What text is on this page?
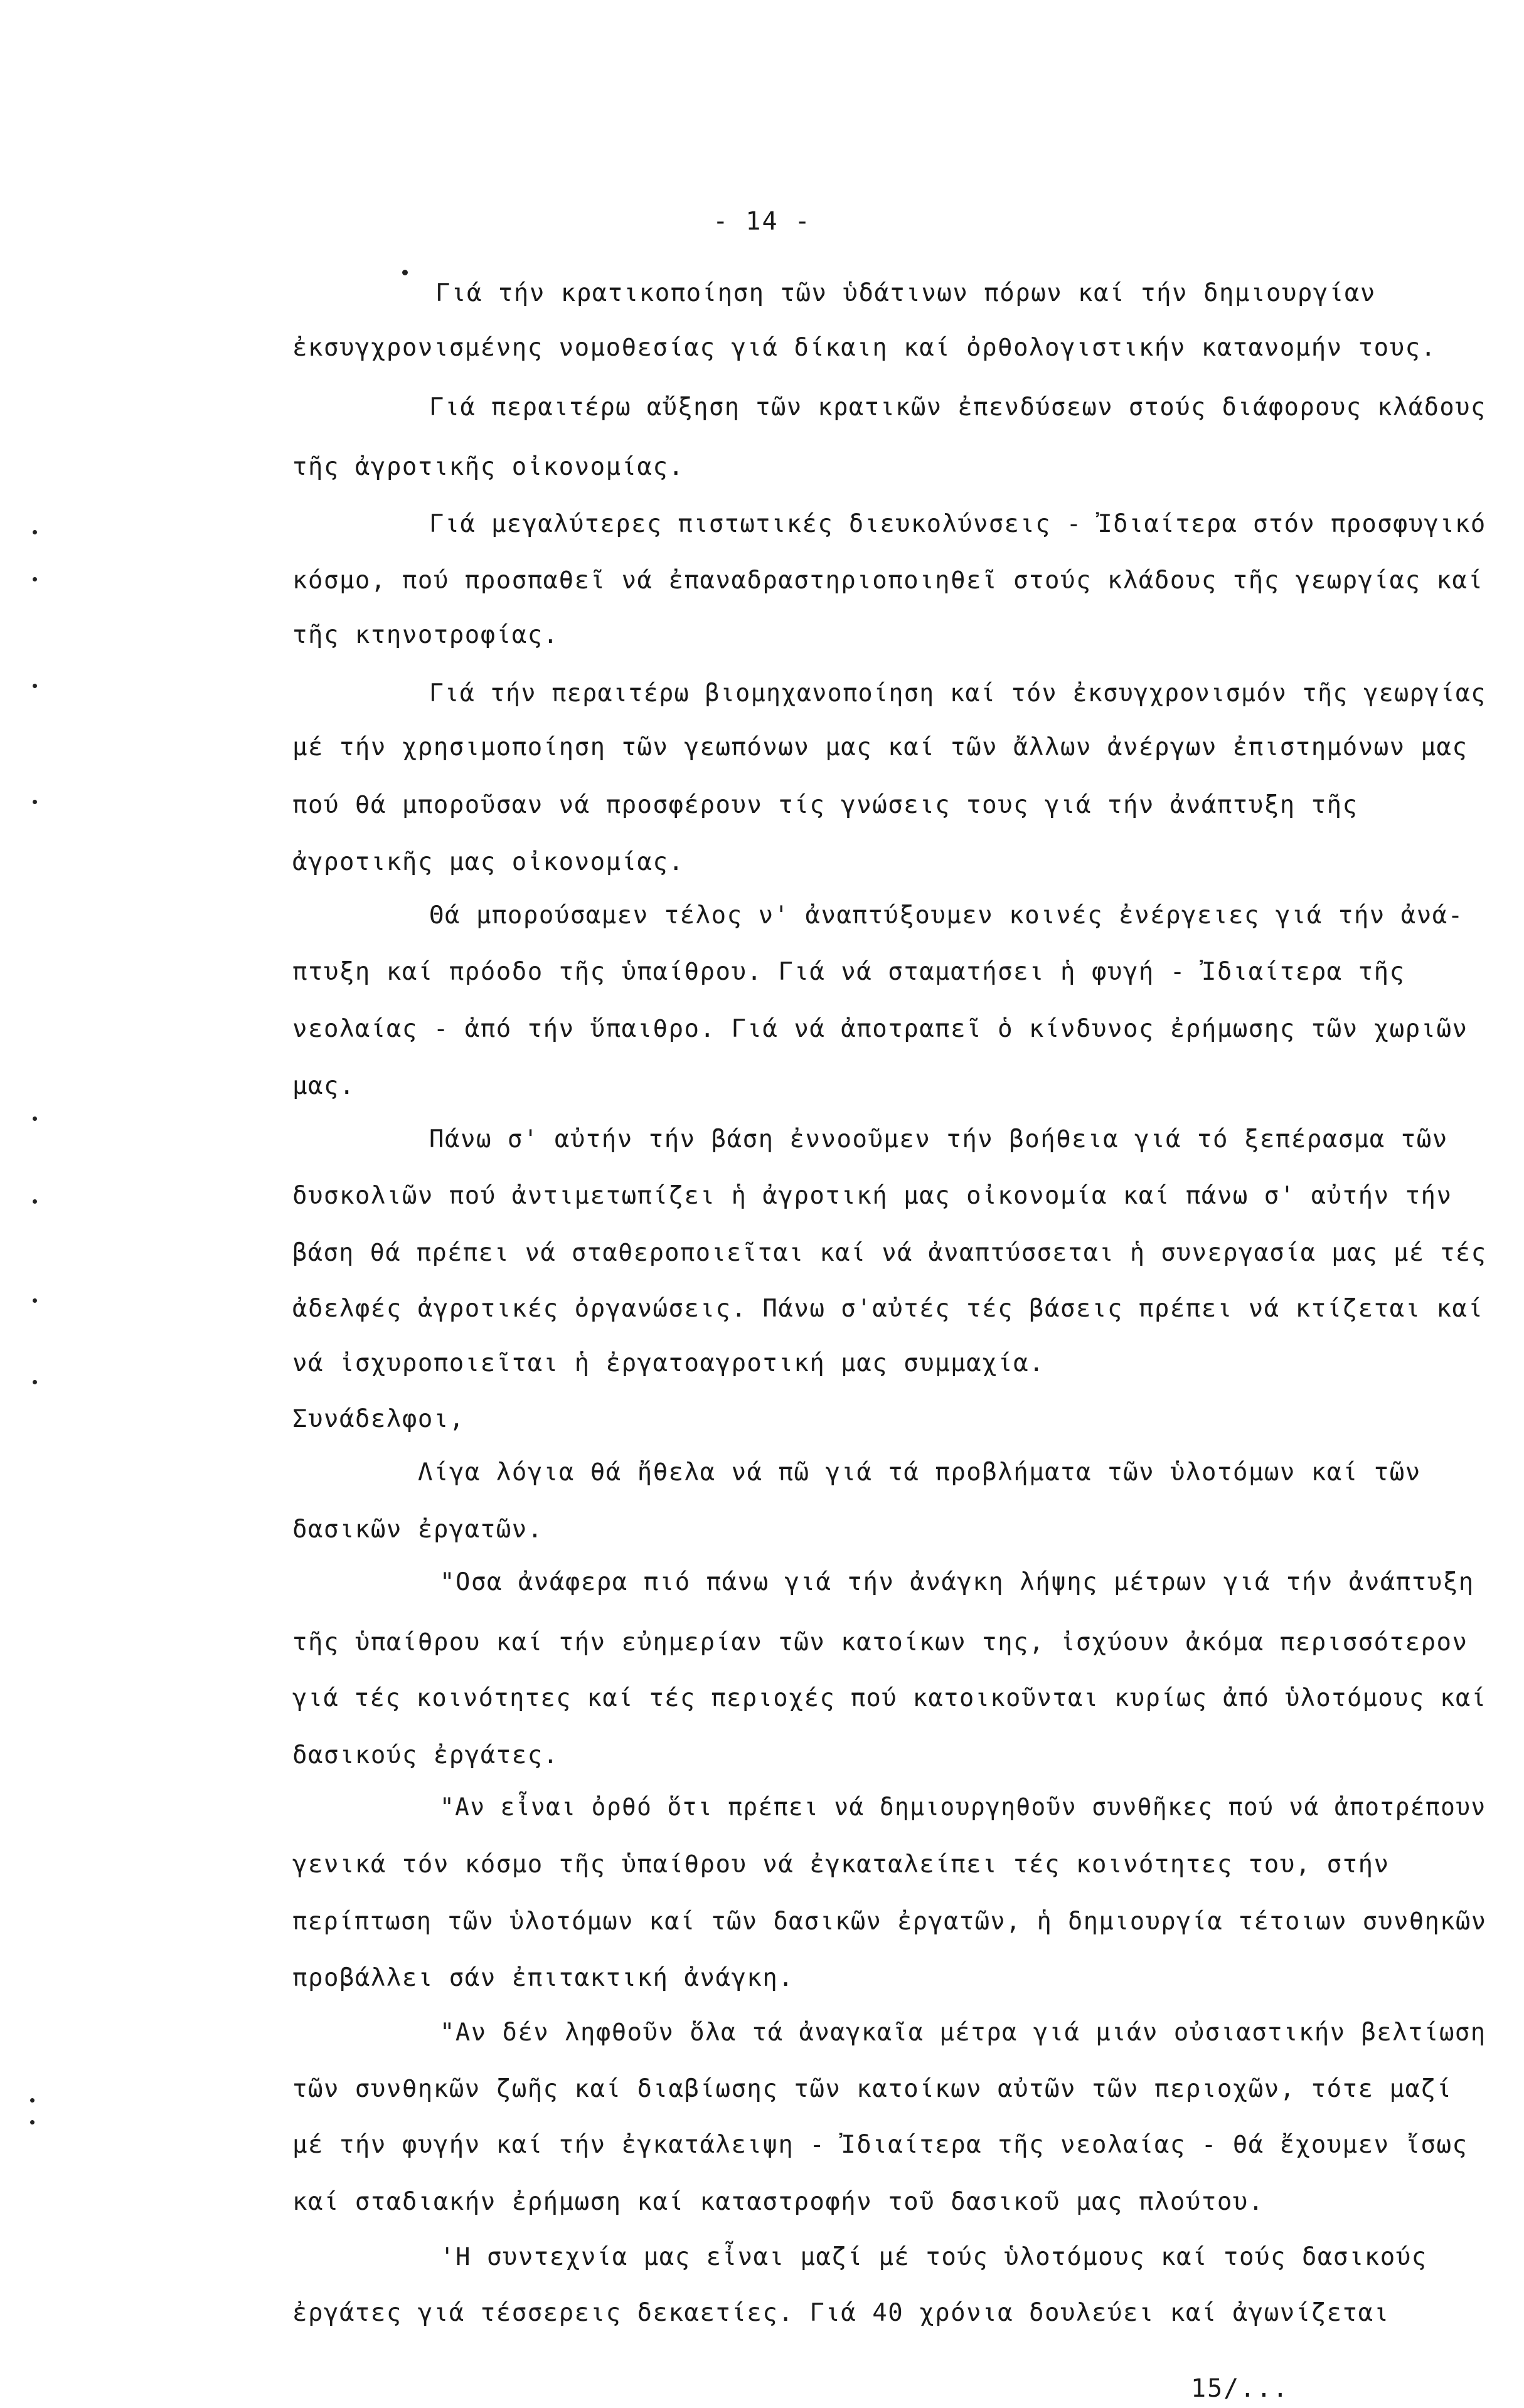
- 14 -
Γιά τήν κρατικοποίηση τῶν ὑδάτινων πόρων καί τήν δημιουργίαν
ἐκσυγχρονισμένης νομοθεσίας γιά δίκαιη καί ὀρθολογιστικήν κατανομήν τους.
Γιά περαιτέρω αὔξηση τῶν κρατικῶν ἐπενδύσεων στούς διάφορους κλάδους
τῆς ἀγροτικῆς οἰκονομίας.
Γιά μεγαλύτερες πιστωτικές διευκολύνσεις - Ἰδιαίτερα στόν προσφυγικό
κόσμο, πού προσπαθεῖ νά ἐπαναδραστηριοποιηθεῖ στούς κλάδους τῆς γεωργίας καί
τῆς κτηνοτροφίας.
Γιά τήν περαιτέρω βιομηχανοποίηση καί τόν ἐκσυγχρονισμόν τῆς γεωργίας
μέ τήν χρησιμοποίηση τῶν γεωπόνων μας καί τῶν ἄλλων ἀνέργων ἐπιστημόνων μας
πού θά μποροῦσαν νά προσφέρουν τίς γνώσεις τους γιά τήν ἀνάπτυξη τῆς
ἀγροτικῆς μας οἰκονομίας.
Θά μπορούσαμεν τέλος ν' ἀναπτύξουμεν κοινές ἐνέργειες γιά τήν ἀνά-
πτυξη καί πρόοδο τῆς ὑπαίθρου. Γιά νά σταματήσει ἡ φυγή - Ἰδιαίτερα τῆς
νεολαίας - ἀπό τήν ὕπαιθρο. Γιά νά ἀποτραπεῖ ὁ κίνδυνος ἐρήμωσης τῶν χωριῶν
μας.
Πάνω σ' αὐτήν τήν βάση ἐννοοῦμεν τήν βοήθεια γιά τό ξεπέρασμα τῶν
δυσκολιῶν πού ἀντιμετωπίζει ἡ ἀγροτική μας οἰκονομία καί πάνω σ' αὐτήν τήν
βάση θά πρέπει νά σταθεροποιεῖται καί νά ἀναπτύσσεται ἡ συνεργασία μας μέ τές
ἀδελφές ἀγροτικές ὀργανώσεις. Πάνω σ'αὐτές τές βάσεις πρέπει νά κτίζεται καί
νά ἰσχυροποιεῖται ἡ ἐργατοαγροτική μας συμμαχία.
Συνάδελφοι,
Λίγα λόγια θά ἤθελα νά πῶ γιά τά προβλήματα τῶν ὑλοτόμων καί τῶν
δασικῶν ἐργατῶν.
"Οσα ἀνάφερα πιό πάνω γιά τήν ἀνάγκη λήψης μέτρων γιά τήν ἀνάπτυξη
τῆς ὑπαίθρου καί τήν εὐημερίαν τῶν κατοίκων της, ἰσχύουν ἀκόμα περισσότερον
γιά τές κοινότητες καί τές περιοχές πού κατοικοῦνται κυρίως ἀπό ὑλοτόμους καί
δασικούς ἐργάτες.
"Αν εἶναι ὀρθό ὅτι πρέπει νά δημιουργηθοῦν συνθῆκες πού νά ἀποτρέπουν
γενικά τόν κόσμο τῆς ὑπαίθρου νά ἐγκαταλείπει τές κοινότητες του, στήν
περίπτωση τῶν ὑλοτόμων καί τῶν δασικῶν ἐργατῶν, ἡ δημιουργία τέτοιων συνθηκῶν
προβάλλει σάν ἐπιτακτική ἀνάγκη.
"Αν δέν ληφθοῦν ὅλα τά ἀναγκαῖα μέτρα γιά μιάν οὐσιαστικήν βελτίωση
τῶν συνθηκῶν ζωῆς καί διαβίωσης τῶν κατοίκων αὐτῶν τῶν περιοχῶν, τότε μαζί
μέ τήν φυγήν καί τήν ἐγκατάλειψη - Ἰδιαίτερα τῆς νεολαίας - θά ἔχουμεν ἴσως
καί σταδιακήν ἐρήμωση καί καταστροφήν τοῦ δασικοῦ μας πλούτου.
'Η συντεχνία μας εἶναι μαζί μέ τούς ὑλοτόμους καί τούς δασικούς
ἐργάτες γιά τέσσερεις δεκαετίες. Γιά 40 χρόνια δουλεύει καί ἀγωνίζεται
15/...
